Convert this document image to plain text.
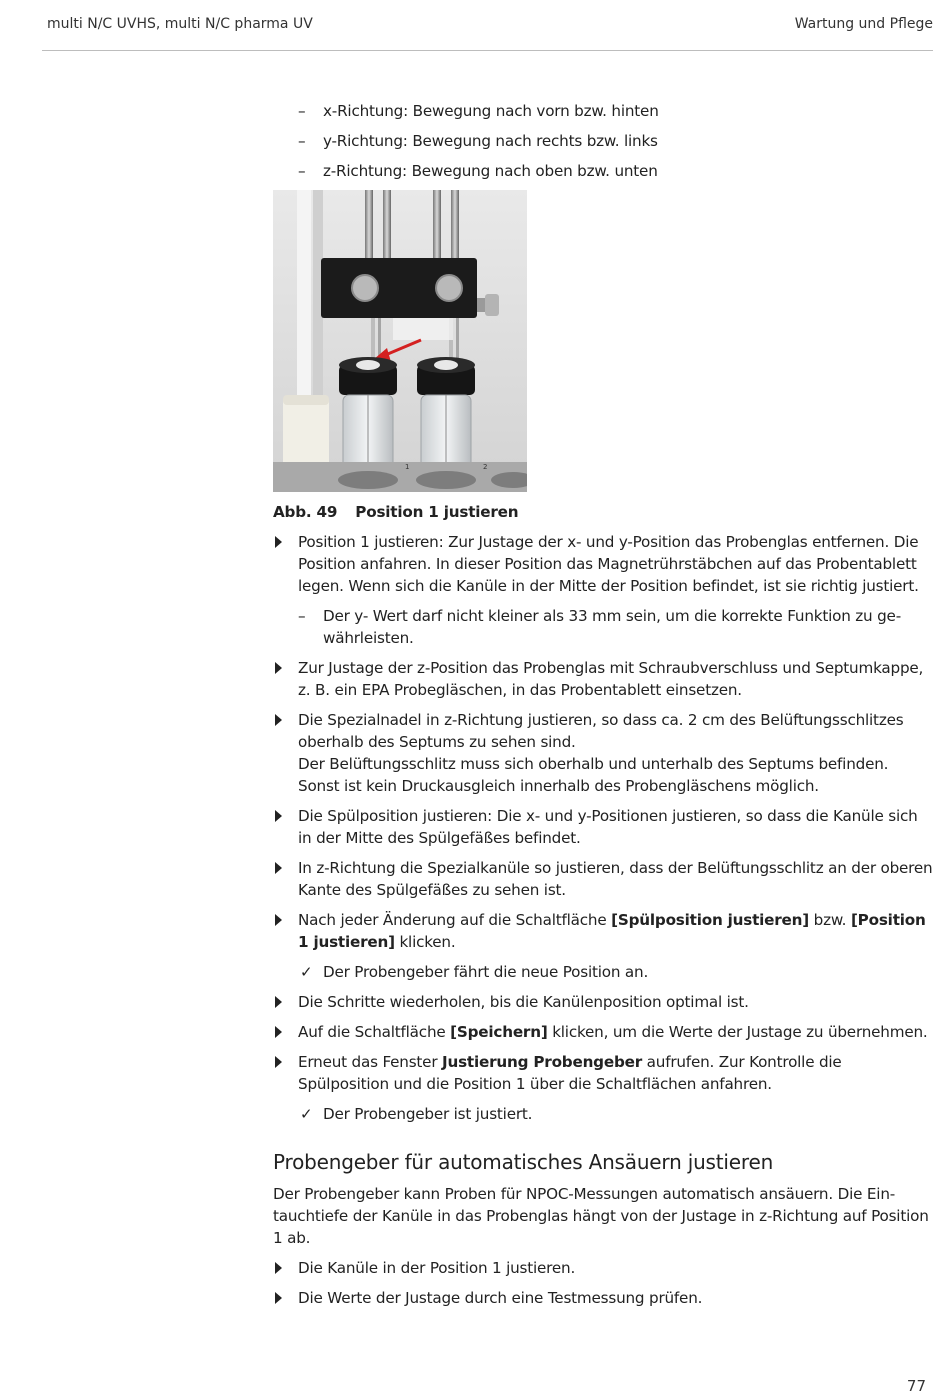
multi N/C UVHS, multi N/C pharma UV	Wartung und Pflege
– x-Richtung: Bewegung nach vorn bzw. hinten
– y-Richtung: Bewegung nach rechts bzw. links
– z-Richtung: Bewegung nach oben bzw. unten
1	2
Abb. 49 Position 1 justieren
Position 1 justieren: Zur Justage der x- und y-Position das Probenglas entfernen. Die Position anfahren. In dieser Position das Magnetrührstäbchen auf das Probentablett legen. Wenn sich die Kanüle in der Mitte der Position befindet, ist sie richtig justiert.
– Der y- Wert darf nicht kleiner als 33 mm sein, um die korrekte Funktion zu gewährleisten.
Zur Justage der z-Position das Probenglas mit Schraubverschluss und Septumkappe, z. B. ein EPA Probegläschen, in das Probentablett einsetzen.
Die Spezialnadel in z-Richtung justieren, so dass ca. 2 cm des Belüftungsschlitzes oberhalb des Septums zu sehen sind.
Der Belüftungsschlitz muss sich oberhalb und unterhalb des Septums befinden. Sonst ist kein Druckausgleich innerhalb des Probengläschens möglich.
Die Spülposition justieren: Die x- und y-Positionen justieren, so dass die Kanüle sich in der Mitte des Spülgefäßes befindet.
In z-Richtung die Spezialkanüle so justieren, dass der Belüftungsschlitz an der oberen Kante des Spülgefäßes zu sehen ist.
Nach jeder Änderung auf die Schaltfläche [Spülposition justieren] bzw. [Position 1 justieren] klicken.
✓ Der Probengeber fährt die neue Position an.
Die Schritte wiederholen, bis die Kanülenposition optimal ist.
Auf die Schaltfläche [Speichern] klicken, um die Werte der Justage zu übernehmen.
Erneut das Fenster Justierung Probengeber aufrufen. Zur Kontrolle die Spülposition und die Position 1 über die Schaltflächen anfahren.
✓ Der Probengeber ist justiert.
Probengeber für automatisches Ansäuern justieren
Der Probengeber kann Proben für NPOC-Messungen automatisch ansäuern. Die Eintauchtiefe der Kanüle in das Probenglas hängt von der Justage in z-Richtung auf Position 1 ab.
Die Kanüle in der Position 1 justieren.
Die Werte der Justage durch eine Testmessung prüfen.
77
